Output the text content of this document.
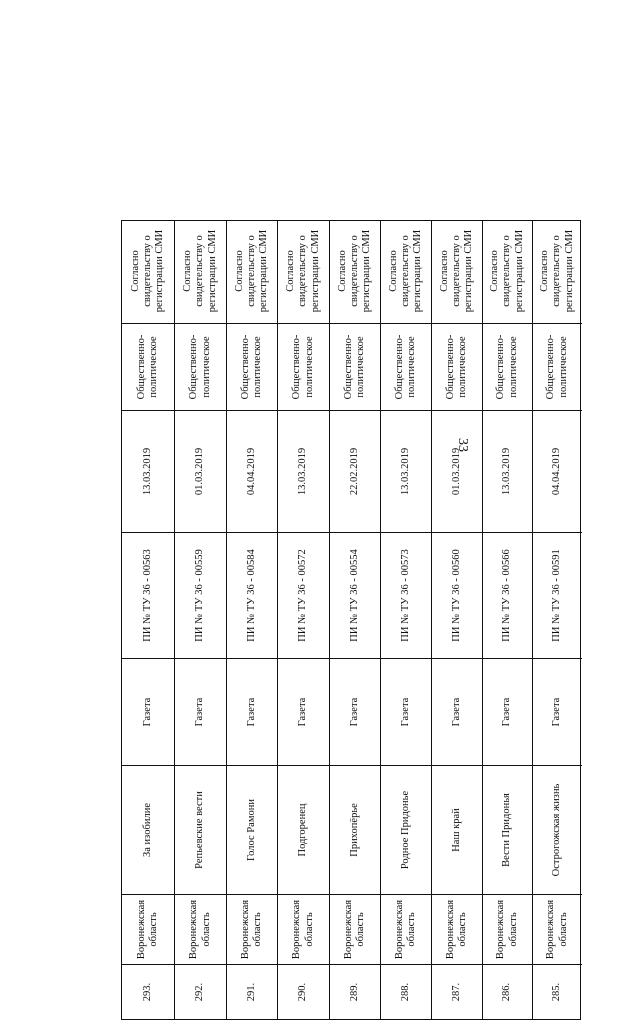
33
293.
Воронежская область
За изобилие
Газета
ПИ № ТУ 36 - 00563
13.03.2019
Общественно-политическое
Согласно свидетельству о регистрации СМИ
292.
Воронежская область
Репьевские вести
Газета
ПИ № ТУ 36 - 00559
01.03.2019
Общественно-политическое
Согласно свидетельству о регистрации СМИ
291.
Воронежская область
Голос Рамони
Газета
ПИ № ТУ 36 - 00584
04.04.2019
Общественно-политическое
Согласно свидетельству о регистрации СМИ
290.
Воронежская область
Подгоренец
Газета
ПИ № ТУ 36 - 00572
13.03.2019
Общественно-политическое
Согласно свидетельству о регистрации СМИ
289.
Воронежская область
Прихопёрье
Газета
ПИ № ТУ 36 - 00554
22.02.2019
Общественно-политическое
Согласно свидетельству о регистрации СМИ
288.
Воронежская область
Родное Придонье
Газета
ПИ № ТУ 36 - 00573
13.03.2019
Общественно-политическое
Согласно свидетельству о регистрации СМИ
287.
Воронежская область
Наш край
Газета
ПИ № ТУ 36 - 00560
01.03.2019
Общественно-политическое
Согласно свидетельству о регистрации СМИ
286.
Воронежская область
Вести Придонья
Газета
ПИ № ТУ 36 - 00566
13.03.2019
Общественно-политическое
Согласно свидетельству о регистрации СМИ
285.
Воронежская область
Острогожская жизнь
Газета
ПИ № ТУ 36 - 00591
04.04.2019
Общественно-политическое
Согласно свидетельству о регистрации СМИ
